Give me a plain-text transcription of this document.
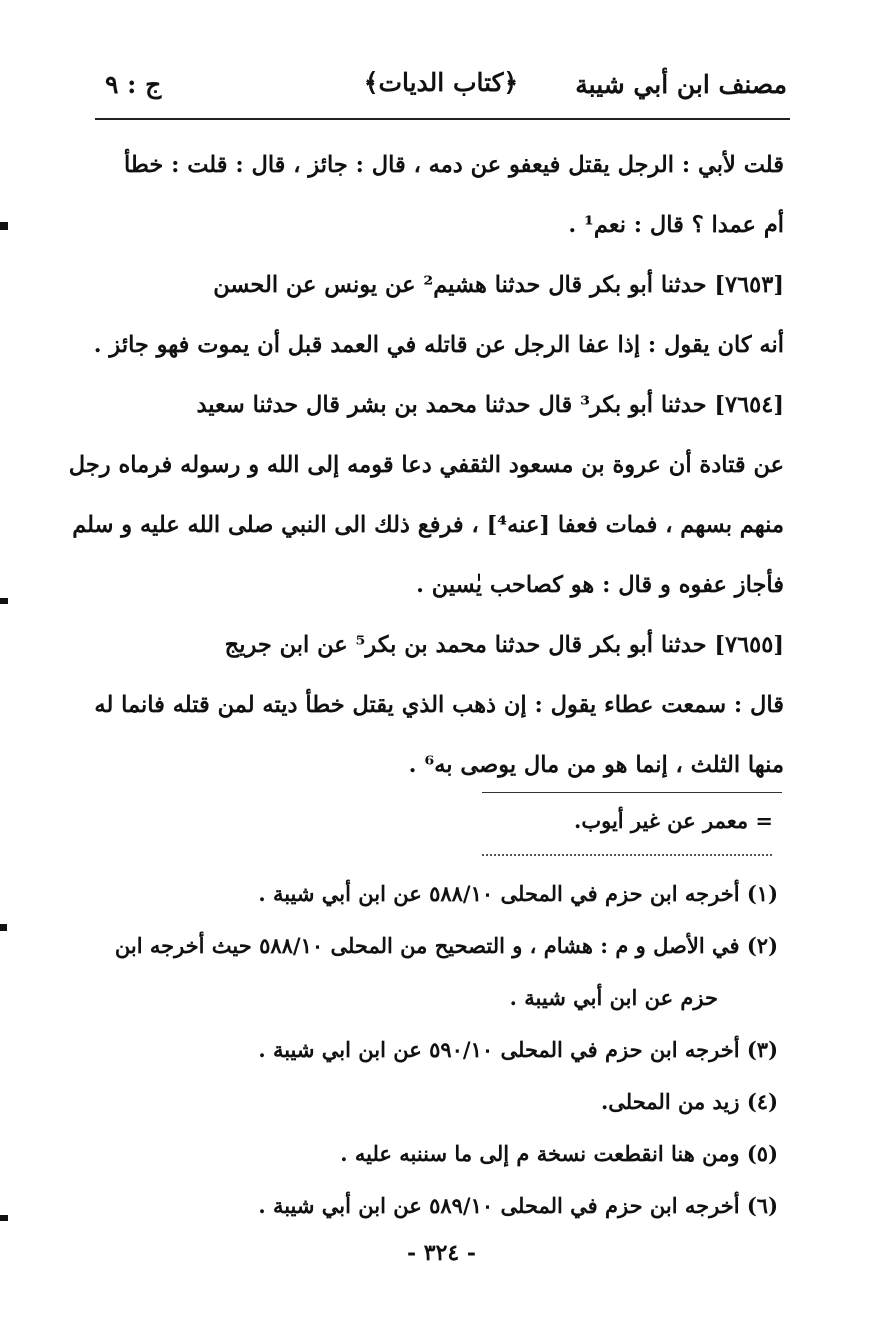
مصنف ابن أبي شيبة
﴿كتاب الديات﴾
ج : ٩
قلت لأبي : الرجل يقتل فيعفو عن دمه ، قال : جائز ، قال : قلت : خطأ
أم عمدا ؟ قال : نعم¹ .
[٧٦٥٣] حدثنا أبو بكر قال حدثنا هشيم² عن يونس عن الحسن
أنه كان يقول : إذا عفا الرجل عن قاتله في العمد قبل أن يموت فهو جائز .
[٧٦٥٤] حدثنا أبو بكر³ قال حدثنا محمد بن بشر قال حدثنا سعيد
عن قتادة أن عروة بن مسعود الثقفي دعا قومه إلى الله و رسوله فرماه رجل
منهم بسهم ، فمات فعفا [عنه⁴] ، فرفع ذلك الى النبي صلى الله عليه و سلم
فأجاز عفوه و قال : هو كصاحب يٰسين .
[٧٦٥٥] حدثنا أبو بكر قال حدثنا محمد بن بكر⁵ عن ابن جريج
قال : سمعت عطاء يقول : إن ذهب الذي يقتل خطأ ديته لمن قتله فانما له
منها الثلث ، إنما هو من مال يوصى به⁶ .
= معمر عن غير أيوب.
(١) أخرجه ابن حزم في المحلى ٥٨٨/١٠ عن ابن أبي شيبة .
(٢) في الأصل و م : هشام ، و التصحيح من المحلى ٥٨٨/١٠ حيث أخرجه ابن
حزم عن ابن أبي شيبة .
(٣) أخرجه ابن حزم في المحلى ٥٩٠/١٠ عن ابن ابي شيبة .
(٤) زيد من المحلى.
(٥) ومن هنا انقطعت نسخة م إلى ما سننبه عليه .
(٦) أخرجه ابن حزم في المحلى ٥٨٩/١٠ عن ابن أبي شيبة .
- ٣٢٤ -
